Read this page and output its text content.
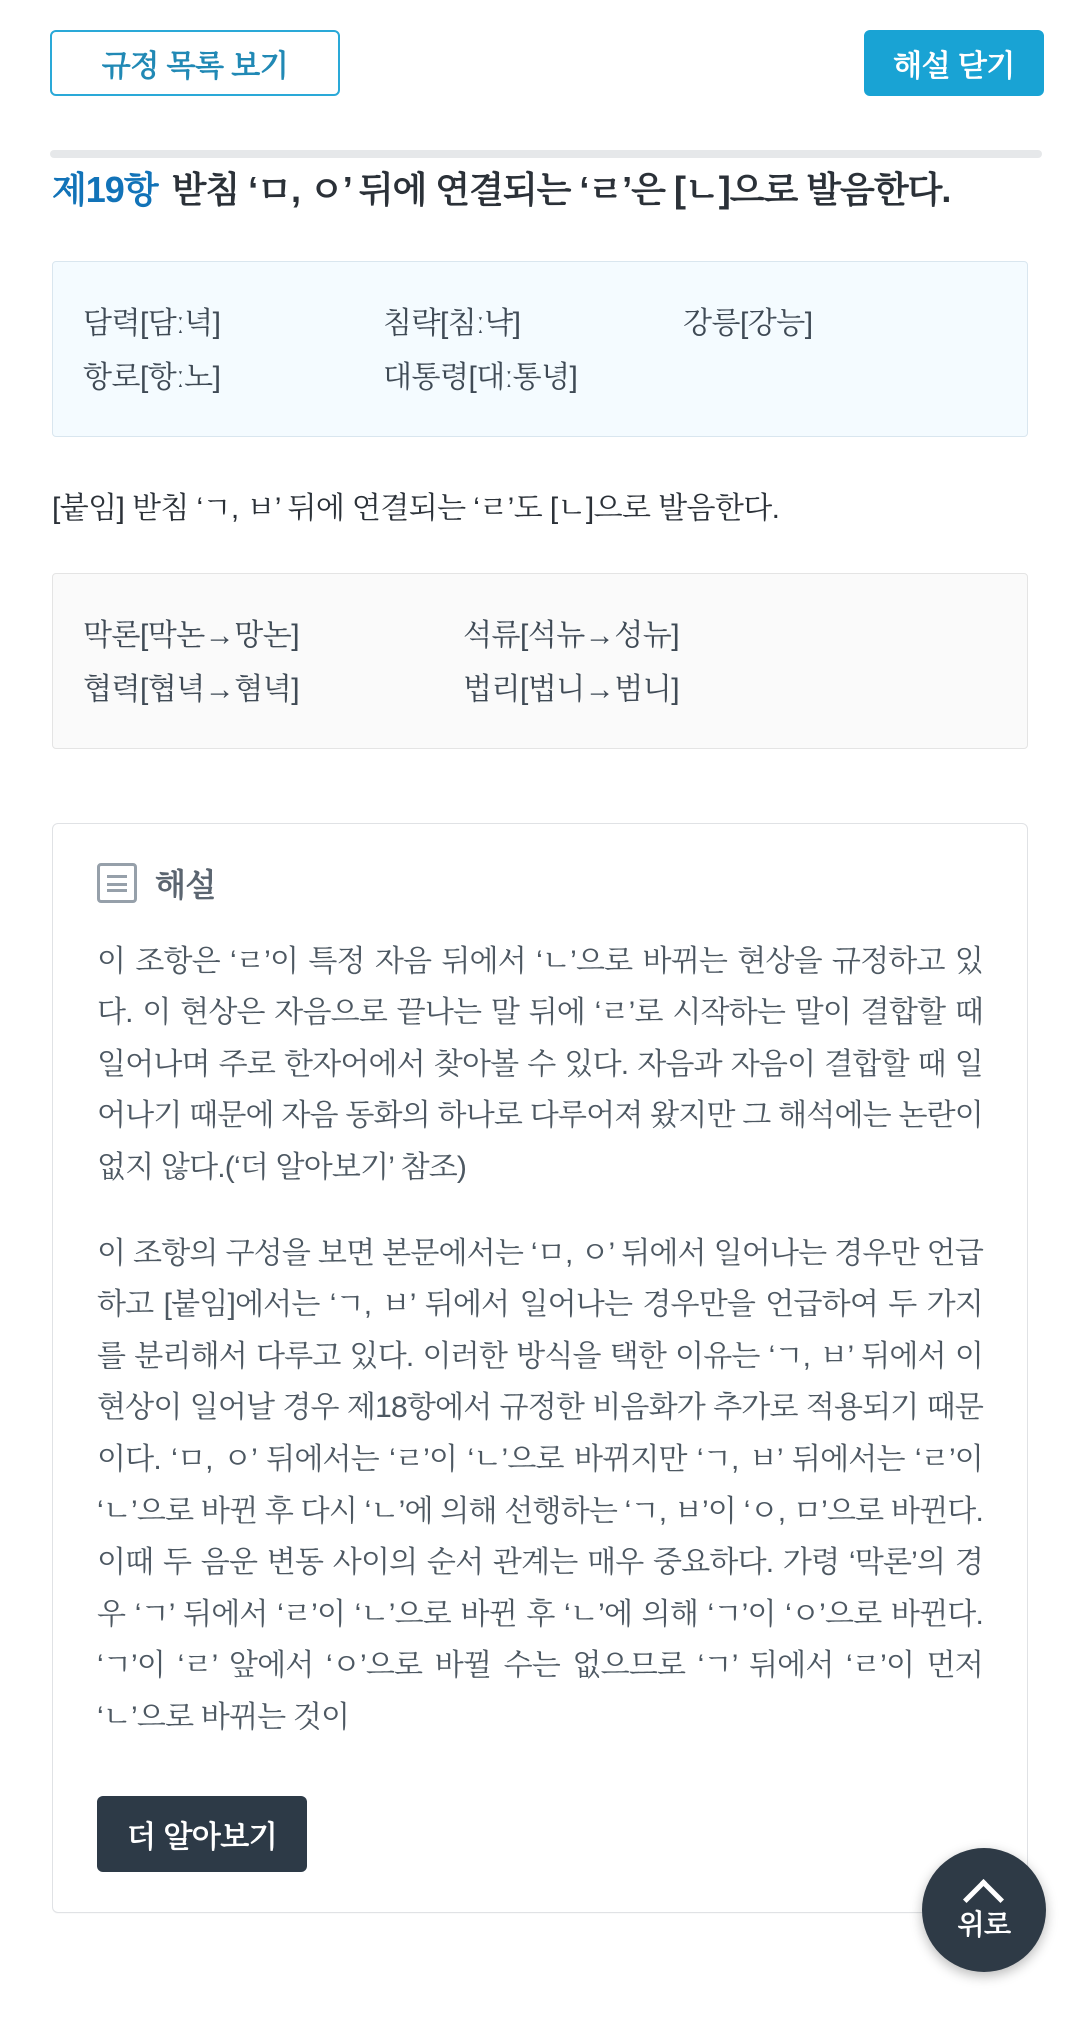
규정 목록 보기	해설 닫기
제19항 받침 ‘ㅁ, ㅇ’ 뒤에 연결되는 ‘ㄹ’은 [ㄴ]으로 발음한다.
담력[담ː녁]	침략[침ː냑]	강릉[강능]
항로[항ː노]	대통령[대ː통녕]
[붙임] 받침 ‘ㄱ, ㅂ’ 뒤에 연결되는 ‘ㄹ’도 [ㄴ]으로 발음한다.
막론[막논→망논]	석류[석뉴→성뉴]
협력[협녁→혐녁]	법리[법니→범니]
해설

이 조항은 ‘ㄹ’이 특정 자음 뒤에서 ‘ㄴ’으로 바뀌는 현상을 규정하고 있다. 이 현상은 자음으로 끝나는 말 뒤에 ‘ㄹ’로 시작하는 말이 결합할 때 일어나며 주로 한자어에서 찾아볼 수 있다. 자음과 자음이 결합할 때 일어나기 때문에 자음 동화의 하나로 다루어져 왔지만 그 해석에는 논란이 없지 않다.(‘더 알아보기’ 참조)

이 조항의 구성을 보면 본문에서는 ‘ㅁ, ㅇ’ 뒤에서 일어나는 경우만 언급하고 [붙임]에서는 ‘ㄱ, ㅂ’ 뒤에서 일어나는 경우만을 언급하여 두 가지를 분리해서 다루고 있다. 이러한 방식을 택한 이유는 ‘ㄱ, ㅂ’ 뒤에서 이 현상이 일어날 경우 제18항에서 규정한 비음화가 추가로 적용되기 때문이다. ‘ㅁ, ㅇ’ 뒤에서는 ‘ㄹ’이 ‘ㄴ’으로 바뀌지만 ‘ㄱ, ㅂ’ 뒤에서는 ‘ㄹ’이 ‘ㄴ’으로 바뀐 후 다시 ‘ㄴ’에 의해 선행하는 ‘ㄱ, ㅂ’이 ‘ㅇ, ㅁ’으로 바뀐다. 이때 두 음운 변동 사이의 순서 관계는 매우 중요하다. 가령 ‘막론’의 경우 ‘ㄱ’ 뒤에서 ‘ㄹ’이 ‘ㄴ’으로 바뀐 후 ‘ㄴ’에 의해 ‘ㄱ’이 ‘ㅇ’으로 바뀐다. ‘ㄱ’이 ‘ㄹ’ 앞에서 ‘ㅇ’으로 바뀔 수는 없으므로 ‘ㄱ’ 뒤에서 ‘ㄹ’이 먼저 ‘ㄴ’으로 바뀌는 것이

더 알아보기
위로
